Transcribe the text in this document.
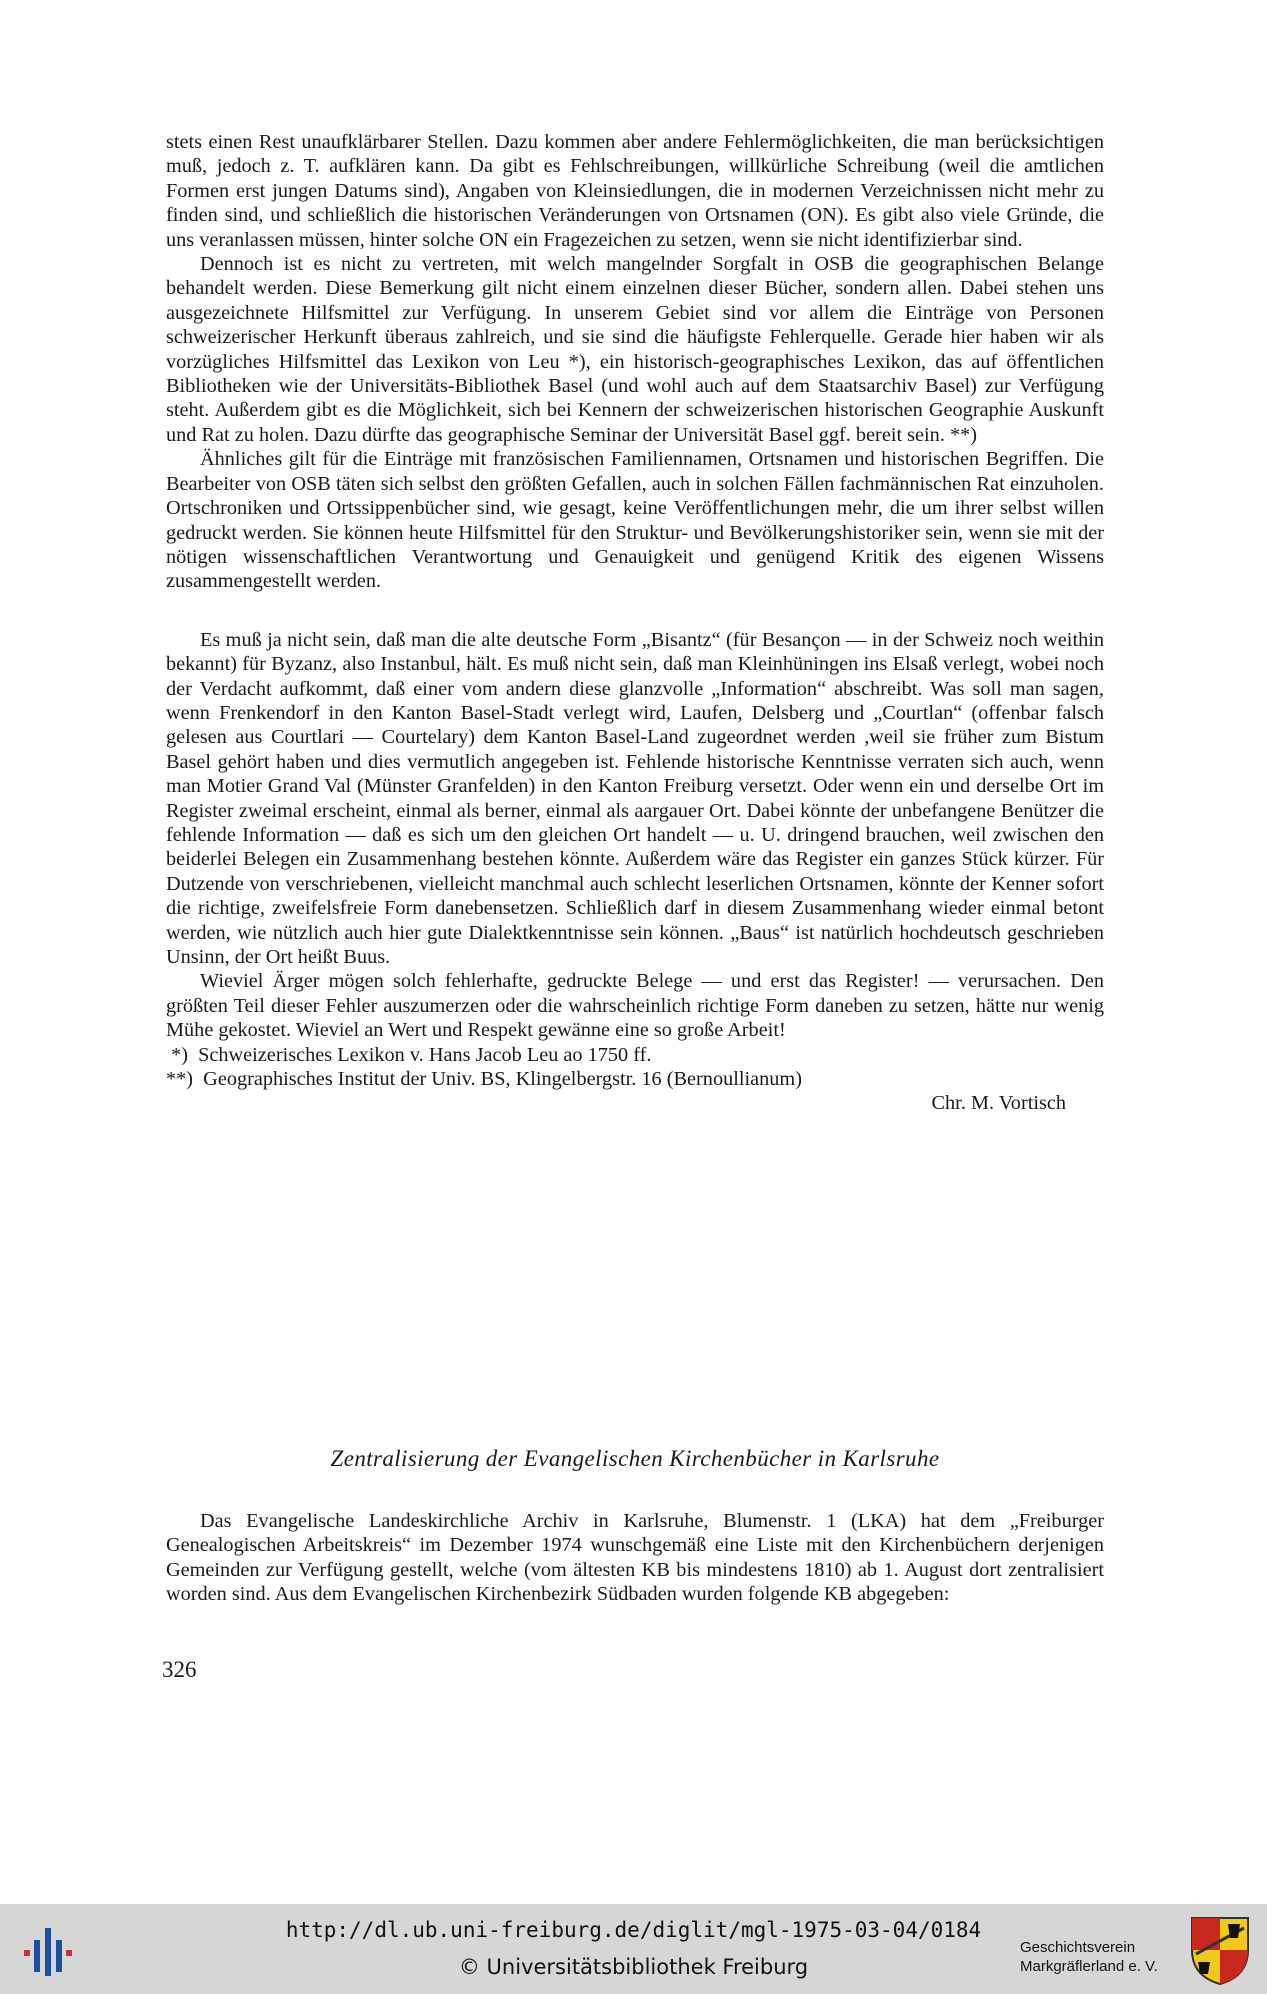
stets einen Rest unaufklärbarer Stellen. Dazu kommen aber andere Fehlermöglichkeiten, die man berücksichtigen muß, jedoch z. T. aufklären kann. Da gibt es Fehlschreibungen, willkürliche Schreibung (weil die amtlichen Formen erst jungen Datums sind), Angaben von Kleinsiedlungen, die in modernen Verzeichnissen nicht mehr zu finden sind, und schließlich die historischen Veränderungen von Ortsnamen (ON). Es gibt also viele Gründe, die uns veranlassen müssen, hinter solche ON ein Fragezeichen zu setzen, wenn sie nicht identifizierbar sind.

Dennoch ist es nicht zu vertreten, mit welch mangelnder Sorgfalt in OSB die geographischen Belange behandelt werden. Diese Bemerkung gilt nicht einem einzelnen dieser Bücher, sondern allen. Dabei stehen uns ausgezeichnete Hilfsmittel zur Verfügung. In unserem Gebiet sind vor allem die Einträge von Personen schweizerischer Herkunft überaus zahlreich, und sie sind die häufigste Fehlerquelle. Gerade hier haben wir als vorzügliches Hilfsmittel das Lexikon von Leu *), ein historisch-geographisches Lexikon, das auf öffentlichen Bibliotheken wie der Universitäts-Bibliothek Basel (und wohl auch auf dem Staatsarchiv Basel) zur Verfügung steht. Außerdem gibt es die Möglichkeit, sich bei Kennern der schweizerischen historischen Geographie Auskunft und Rat zu holen. Dazu dürfte das geographische Seminar der Universität Basel ggf. bereit sein. **)

Ähnliches gilt für die Einträge mit französischen Familiennamen, Ortsnamen und historischen Begriffen. Die Bearbeiter von OSB täten sich selbst den größten Gefallen, auch in solchen Fällen fachmännischen Rat einzuholen. Ortschroniken und Ortssippenbücher sind, wie gesagt, keine Veröffentlichungen mehr, die um ihrer selbst willen gedruckt werden. Sie können heute Hilfsmittel für den Struktur- und Bevölkerungshistoriker sein, wenn sie mit der nötigen wissenschaftlichen Verantwortung und Genauigkeit und genügend Kritik des eigenen Wissens zusammengestellt werden.

Es muß ja nicht sein, daß man die alte deutsche Form „Bisantz“ (für Besançon — in der Schweiz noch weithin bekannt) für Byzanz, also Instanbul, hält. Es muß nicht sein, daß man Kleinhüningen ins Elsaß verlegt, wobei noch der Verdacht aufkommt, daß einer vom andern diese glanzvolle „Information“ abschreibt. Was soll man sagen, wenn Frenkendorf in den Kanton Basel-Stadt verlegt wird, Laufen, Delsberg und „Courtlan“ (offenbar falsch gelesen aus Courtlari — Courtelary) dem Kanton Basel-Land zugeordnet werden ,weil sie früher zum Bistum Basel gehört haben und dies vermutlich angegeben ist. Fehlende historische Kenntnisse verraten sich auch, wenn man Motier Grand Val (Münster Granfelden) in den Kanton Freiburg versetzt. Oder wenn ein und derselbe Ort im Register zweimal erscheint, einmal als berner, einmal als aargauer Ort. Dabei könnte der unbefangene Benützer die fehlende Information — daß es sich um den gleichen Ort handelt — u. U. dringend brauchen, weil zwischen den beiderlei Belegen ein Zusammenhang bestehen könnte. Außerdem wäre das Register ein ganzes Stück kürzer. Für Dutzende von verschriebenen, vielleicht manchmal auch schlecht leserlichen Ortsnamen, könnte der Kenner sofort die richtige, zweifelsfreie Form danebensetzen. Schließlich darf in diesem Zusammenhang wieder einmal betont werden, wie nützlich auch hier gute Dialektkenntnisse sein können. „Baus“ ist natürlich hochdeutsch geschrieben Unsinn, der Ort heißt Buus.

Wieviel Ärger mögen solch fehlerhafte, gedruckte Belege — und erst das Register! — verursachen. Den größten Teil dieser Fehler auszumerzen oder die wahrscheinlich richtige Form daneben zu setzen, hätte nur wenig Mühe gekostet. Wieviel an Wert und Respekt gewänne eine so große Arbeit!

*)  Schweizerisches Lexikon v. Hans Jacob Leu ao 1750 ff.

**)  Geographisches Institut der Univ. BS, Klingelbergstr. 16 (Bernoullianum)

Chr. M. Vortisch

Zentralisierung der Evangelischen Kirchenbücher in Karlsruhe

Das Evangelische Landeskirchliche Archiv in Karlsruhe, Blumenstr. 1 (LKA) hat dem „Freiburger Genealogischen Arbeitskreis“ im Dezember 1974 wunschgemäß eine Liste mit den Kirchenbüchern derjenigen Gemeinden zur Verfügung gestellt, welche (vom ältesten KB bis mindestens 1810) ab 1. August dort zentralisiert worden sind. Aus dem Evangelischen Kirchenbezirk Südbaden wurden folgende KB abgegeben:

326
http://dl.ub.uni-freiburg.de/diglit/mgl-1975-03-04/0184
© Universitätsbibliothek Freiburg
Geschichtsverein
Markgräflerland e. V.
